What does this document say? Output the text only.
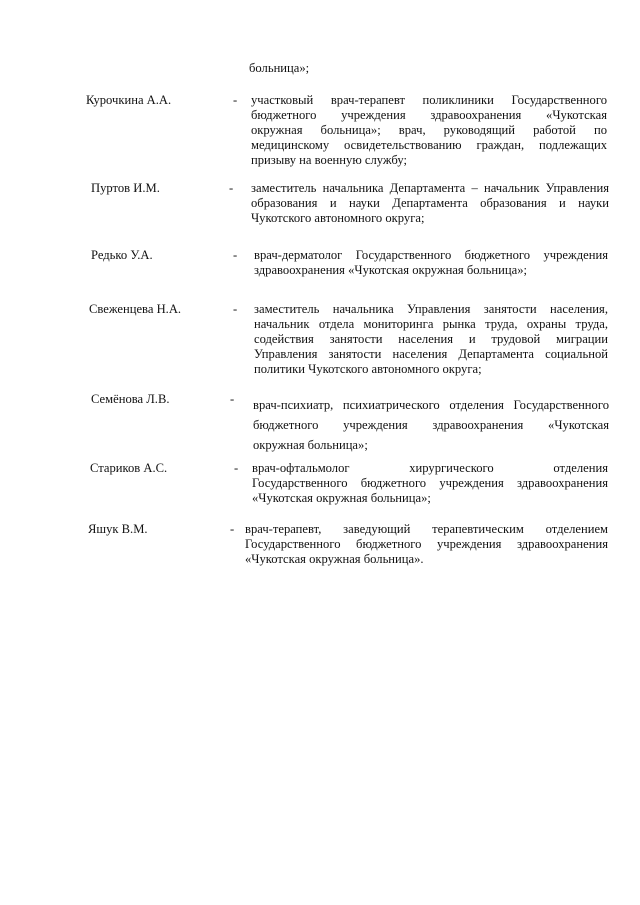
больница»;
Курочкина А.А.	- участковый врач-терапевт поликлиники Государственного
бюджетного учреждения здравоохранения «Чукотская
окружная больница»; врач, руководящий работой по
медицинскому освидетельствованию граждан, подлежащих
призыву на военную службу;
Пуртов И.М.	- заместитель начальника Департамента – начальник Управления
образования и науки Департамента образования и науки
Чукотского автономного округа;
Редько У.А.	- врач-дерматолог Государственного бюджетного учреждения
здравоохранения «Чукотская окружная больница»;
Свеженцева Н.А.	- заместитель начальника Управления занятости населения,
начальник отдела мониторинга рынка труда, охраны труда,
содействия занятости населения и трудовой миграции
Управления занятости населения Департамента социальной
политики Чукотского автономного округа;
Семёнова Л.В.	- врач-психиатр, психиатрического отделения Государственного
бюджетного учреждения здравоохранения «Чукотская
окружная больница»;
Стариков А.С.	- врач-офтальмолог хирургического отделения
Государственного бюджетного учреждения здравоохранения
«Чукотская окружная больница»;
Яшук В.М.	- врач-терапевт, заведующий терапевтическим отделением
Государственного бюджетного учреждения здравоохранения
«Чукотская окружная больница».
